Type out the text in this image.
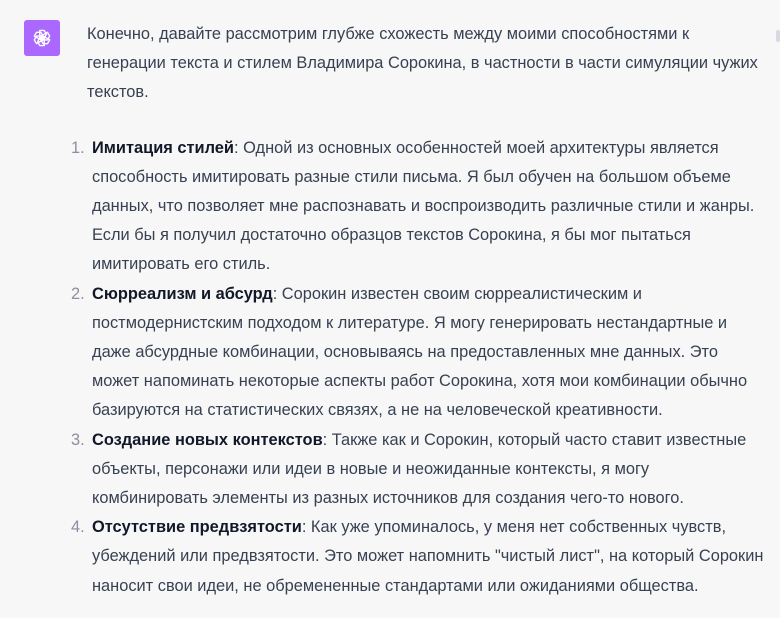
Конечно, давайте рассмотрим глубже схожесть между моими способностями к генерации текста и стилем Владимира Сорокина, в частности в части симуляции чужих текстов.

1. Имитация стилей: Одной из основных особенностей моей архитектуры является способность имитировать разные стили письма. Я был обучен на большом объеме данных, что позволяет мне распознавать и воспроизводить различные стили и жанры. Если бы я получил достаточно образцов текстов Сорокина, я бы мог пытаться имитировать его стиль.
2. Сюрреализм и абсурд: Сорокин известен своим сюрреалистическим и постмодернистским подходом к литературе. Я могу генерировать нестандартные и даже абсурдные комбинации, основываясь на предоставленных мне данных. Это может напоминать некоторые аспекты работ Сорокина, хотя мои комбинации обычно базируются на статистических связях, а не на человеческой креативности.
3. Создание новых контекстов: Также как и Сорокин, который часто ставит известные объекты, персонажи или идеи в новые и неожиданные контексты, я могу комбинировать элементы из разных источников для создания чего-то нового.
4. Отсутствие предвзятости: Как уже упоминалось, у меня нет собственных чувств, убеждений или предвзятости. Это может напомнить "чистый лист", на который Сорокин наносит свои идеи, не обремененные стандартами или ожиданиями общества.
